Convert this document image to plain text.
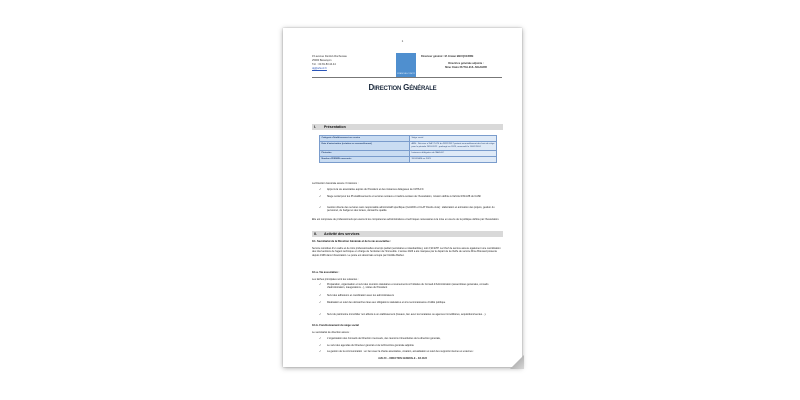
1
15 avenue Denfert-Rochereau
25000 Besançon
Tél. : 03.81.83.44.44
dg@ahs-fc.fr
AHS
FRANCHE-COMTÉ
Directeur général : M. Erwan BECQUERRE
Directrice générale adjointe :
Mme Claire DUTILLEUL-SIGAHRR
Direction Générale
I. Présentation
Catégorie d'établissement ou service	Siège social
Date d'autorisation (création ou renouvellement)	ARS : Décision n°DA 17-074 du 28/11/2017 portant renouvellement des frais de siège pour la période 2018-2022 ; prolongé en 2023, renouvelé le 10/01/2024
Périmètre	Instances déléguées de l'AHS-FC
Nombre d'ESSMS concernés	35 ESSMS en 2023
La Direction Générale assure 3 missions :
✓ Appui à la vie associative auprès du Président et des instances déléguées de l'AHS-FC
✓ Siège social pour les 35 établissements et services sociaux et médico-sociaux de l'Association, mission définie à l'article R314-88 du CASF
✓ Gestion directe des services sans responsable administratif spécifique (CeGIDD et CLAT Doubs-Jura) : élaboration et animation des projets, gestion du personnel, du budget et des locaux, démarche qualité.
Elle est composée de professionnels qui exercent les compétences administratives et techniques nécessaires à la mise en œuvre de la politique définie par l'Association.
II. Activité des services
II.1. Secrétariat de la Direction Générale et de la vie associative :
Service constitué d'un cadre et de trois professionnelles à temps partiel (secrétaires et standardiste), soit 2,90 ETP. La Chef de service assure également une coordination des interventions de l'agent technique en charge de l'entretien de l'immeuble. L'année 2023 a été marquée par le départ de la cheffe de service Mme Brévaud présente depuis 1996 dans l'Association. Le poste est désormais occupé par Clotilde Barbet.
II.1.a. Vie associative :
Les tâches principales sont les suivantes :
✓ Préparation, organisation et suivi des réunions statutaires et événements à l'initiative du Conseil d'Administration (assemblées générales, conseils d'administration, inaugurations…), visites du Président
✓ Suivi des adhésions et coordination avec les administrateurs
✓ Réalisation et suivi des démarches liées aux obligations statutaires et à la reconnaissance d'utilité publique
✓ Suivi du patrimoine immobilier non affecté à un établissement (travaux, lien avec les locataires ou agences immobilières, acquisitions/ventes…).
II.1.b. Fonctionnement du siège social
Le secrétariat de direction assure :
✓ L'organisation des Conseils de Direction mensuels, des réunions trimestrielles de la direction générale,
✓ Le suivi des agendas du Directeur général et de la Directrice générale adjointe
✓ La gestion de la communication : en lien avec la charte associative, création, actualisation et suivi des supports internes et externes :
AHS-FC – DIRECTION GENERALE – RA 2023
